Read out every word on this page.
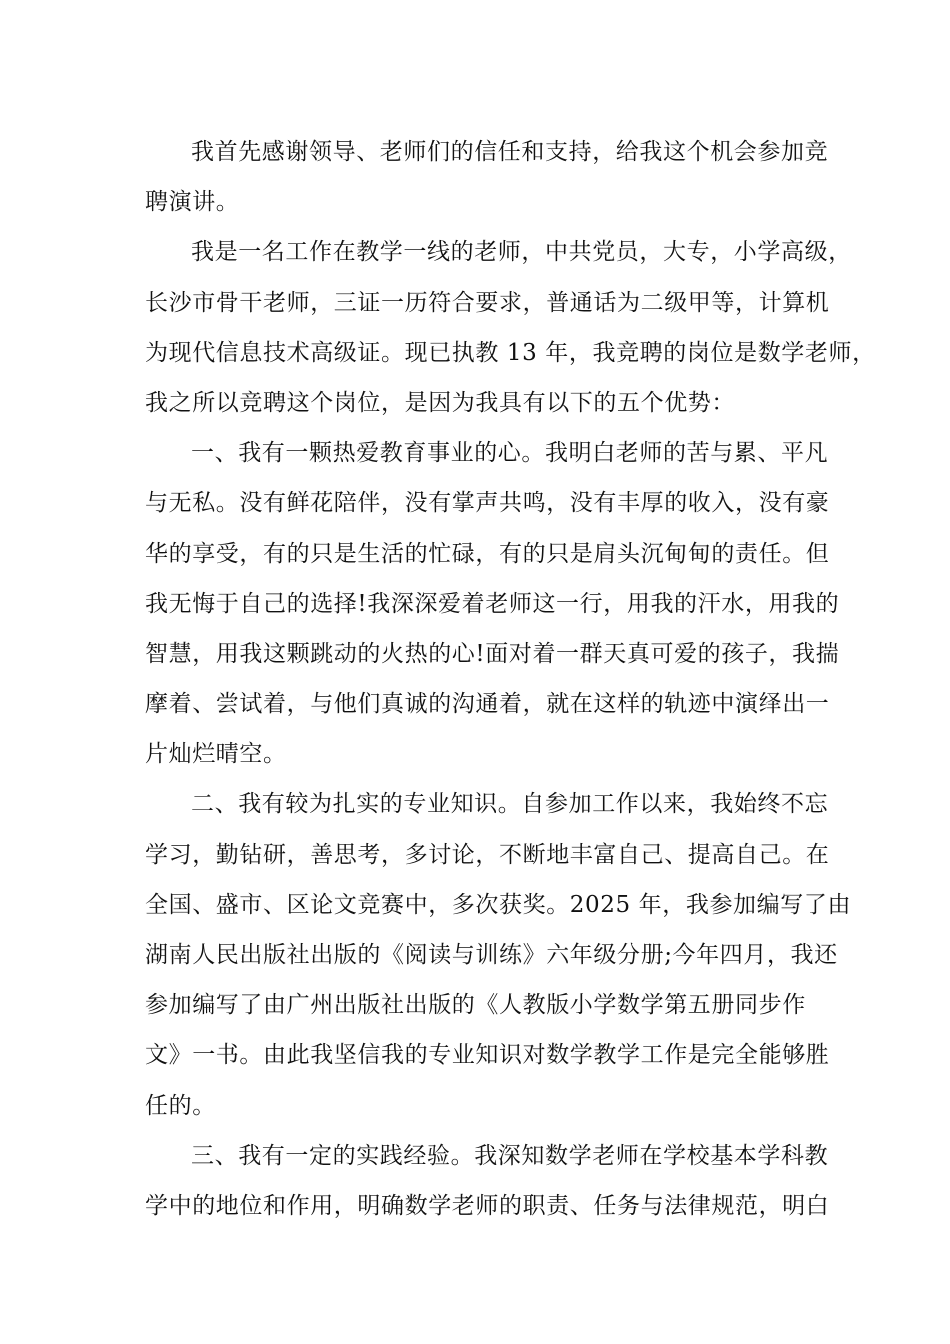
我首先感谢领导、老师们的信任和支持，给我这个机会参加竞
聘演讲。
我是一名工作在教学一线的老师，中共党员，大专，小学高级，
长沙市骨干老师，三证一历符合要求，普通话为二级甲等，计算机
为现代信息技术高级证。现已执教 13 年，我竞聘的岗位是数学老师，
我之所以竞聘这个岗位，是因为我具有以下的五个优势：
一、我有一颗热爱教育事业的心。我明白老师的苦与累、平凡
与无私。没有鲜花陪伴，没有掌声共鸣，没有丰厚的收入，没有豪
华的享受，有的只是生活的忙碌，有的只是肩头沉甸甸的责任。但
我无悔于自己的选择!我深深爱着老师这一行，用我的汗水，用我的
智慧，用我这颗跳动的火热的心!面对着一群天真可爱的孩子，我揣
摩着、尝试着，与他们真诚的沟通着，就在这样的轨迹中演绎出一
片灿烂晴空。
二、我有较为扎实的专业知识。自参加工作以来，我始终不忘
学习，勤钻研，善思考，多讨论，不断地丰富自己、提高自己。在
全国、盛市、区论文竞赛中，多次获奖。2025 年，我参加编写了由
湖南人民出版社出版的《阅读与训练》六年级分册;今年四月，我还
参加编写了由广州出版社出版的《人教版小学数学第五册同步作
文》一书。由此我坚信我的专业知识对数学教学工作是完全能够胜
任的。
三、我有一定的实践经验。我深知数学老师在学校基本学科教
学中的地位和作用，明确数学老师的职责、任务与法律规范，明白
